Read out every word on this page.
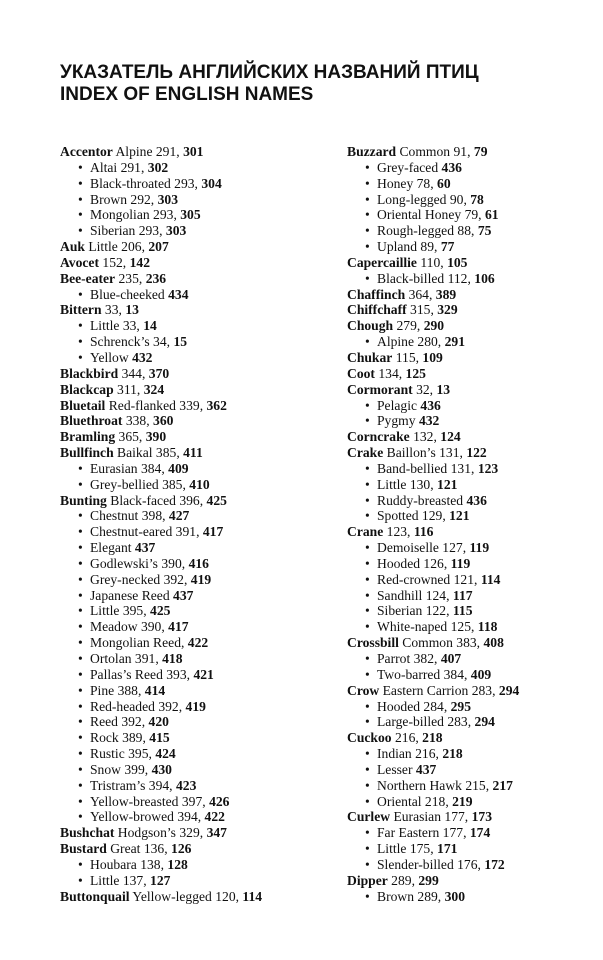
УКАЗАТЕЛЬ АНГЛИЙСКИХ НАЗВАНИЙ ПТИЦ
INDEX OF ENGLISH NAMES
Accentor Alpine 291, 301
• Altai 291, 302
• Black-throated 293, 304
• Brown 292, 303
• Mongolian 293, 305
• Siberian 293, 303
Auk Little 206, 207
Avocet 152, 142
Bee-eater 235, 236
• Blue-cheeked 434
Bittern 33, 13
• Little 33, 14
• Schrenck’s 34, 15
• Yellow 432
Blackbird 344, 370
Blackcap 311, 324
Bluetail Red-flanked 339, 362
Bluethroat 338, 360
Bramling 365, 390
Bullfinch Baikal 385, 411
• Eurasian 384, 409
• Grey-bellied 385, 410
Bunting Black-faced 396, 425
• Chestnut 398, 427
• Chestnut-eared 391, 417
• Elegant 437
• Godlewski’s 390, 416
• Grey-necked 392, 419
• Japanese Reed 437
• Little 395, 425
• Meadow 390, 417
• Mongolian Reed, 422
• Ortolan 391, 418
• Pallas’s Reed 393, 421
• Pine 388, 414
• Red-headed 392, 419
• Reed 392, 420
• Rock 389, 415
• Rustic 395, 424
• Snow 399, 430
• Tristram’s 394, 423
• Yellow-breasted 397, 426
• Yellow-browed 394, 422
Bushchat Hodgson’s 329, 347
Bustard Great 136, 126
• Houbara 138, 128
• Little 137, 127
Buttonquail Yellow-legged 120, 114
Buzzard Common 91, 79
• Grey-faced 436
• Honey 78, 60
• Long-legged 90, 78
• Oriental Honey 79, 61
• Rough-legged 88, 75
• Upland 89, 77
Capercaillie 110, 105
• Black-billed 112, 106
Chaffinch 364, 389
Chiffchaff 315, 329
Chough 279, 290
• Alpine 280, 291
Chukar 115, 109
Coot 134, 125
Cormorant 32, 13
• Pelagic 436
• Pygmy 432
Corncrake 132, 124
Crake Baillon’s 131, 122
• Band-bellied 131, 123
• Little 130, 121
• Ruddy-breasted 436
• Spotted 129, 121
Crane 123, 116
• Demoiselle 127, 119
• Hooded 126, 119
• Red-crowned 121, 114
• Sandhill 124, 117
• Siberian 122, 115
• White-naped 125, 118
Crossbill Common 383, 408
• Parrot 382, 407
• Two-barred 384, 409
Crow Eastern Carrion 283, 294
• Hooded 284, 295
• Large-billed 283, 294
Cuckoo 216, 218
• Indian 216, 218
• Lesser 437
• Northern Hawk 215, 217
• Oriental 218, 219
Curlew Eurasian 177, 173
• Far Eastern 177, 174
• Little 175, 171
• Slender-billed 176, 172
Dipper 289, 299
• Brown 289, 300
